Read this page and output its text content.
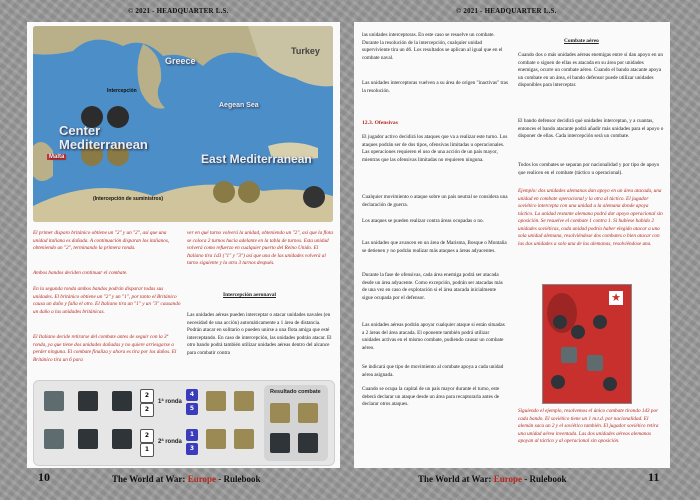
© 2021 - HEADQUARTER L.S.	© 2021 - HEADQUARTER L.S.
Greece
Turkey
Aegean Sea
Center Mediterranean
East Mediterranean
Malta
Intercepción
(Intercepción de suministros)

El primer disparo británico obtiene un "2" y un "2", así que una unidad italiana es dañada. A continuación disparan los italianos, obteniendo un "2", terminando la primera ronda.

Ambos bandos deciden continuar el combate.

En la segunda ronda ambos bandos podrán disparar todas sus unidades. El británico obtiene un "2" y un "1", por tanto el Británico causa un daño y falla el otro. El Italiano tira un "1" y un "3" causando un daño a las unidades británicas.

El Italiano decide retirarse del combate antes de seguir con la 3ª ronda, ya que tiene dos unidades dañadas y no quiere arriesgarse a perder ninguna. El combate finaliza y ahora es tira por los daños. El Británico tira un 6 para

ver en qué turno volverá la unidad, obteniendo un "2", así que la flota se coloca 2 turnos hacia adelante en la tabla de turnos. Esta unidad volverá como refuerzo en cualquier puerto del Reino Unido. El Italiano tira 1d3 ("1" y "3") así que una de las unidades volverá al turno siguiente y la otra 3 turnos después.

Intercepción aeronaval

Las unidades aéreas pueden interceptar o atacar unidades navales (en necesidad de una acción) automáticamente a 1 área de distancia. Podrán atacar en solitario o pueden unirse a una flota amiga que esté interceptando. En caso de intercepción, las unidades podrán atacar. El otro bando podrá también utilizar unidades aéreas dentro del alcance para combatir contra

2
2
4
5
1ª ronda
2
1
1
3
2ª ronda
Resultado combate

las unidades interceptoras. En este caso se resuelve un combate. Durante la resolución de la intercepción, cualquier unidad superviviente tira un d6. Los resultados se aplican al igual que en el combate naval.

Las unidades interceptoras vuelven a su área de origen "inactivas" tras la resolución.

12.3. Ofensivas

El jugador activo decidirá los ataques que va a realizar este turno. Los ataques podrán ser de dos tipos, ofensivas limitadas u operacionales. Las operaciones requieren el uso de una acción de un país mayor, mientras que las ofensivas limitadas no requieren ninguna.

Cualquier movimiento o ataque sobre un país neutral se considera una declaración de guerra.

Los ataques se pueden realizar contra áreas ocupadas o no.

Las unidades que avancen en un área de Marisma, Bosque o Montaña se detienen y no podrán realizar más ataques a áreas adyacentes.

Durante la fase de ofensivas, cada área enemiga podrá ser atacada desde un área adyacente. Como excepción, podrán ser atacadas más de una vez en caso de explotación si el área atacada inicialmente sigue ocupada por el defensor.

Las unidades aéreas podrán apoyar cualquier ataque si están situadas a 2 áreas del área atacada. El oponente también podrá utilizar unidades activas en el mismo combate, pudiendo causar un combate aéreo.

Se indicará que tipo de movimiento al combate apoya a cada unidad aérea asignada.

Cuando se ocupa la capital de un país mayor durante el turno, este deberá declarar un ataque desde un área para recapturarla antes de declarar otros ataques.

Combate aéreo

Cuando dos o más unidades aéreas enemigas entre sí dan apoyo en un combate o siguen de ellas es atacada en su área por unidades enemigas, ocurre un combate aéreo. Cuando el bando atacante apoya un combate en un área, el bando defensor puede utilizar unidades disponibles para interceptar.

El bando defensor decidirá qué unidades interceptan, y a cuantas, entonces el bando atacante podrá añadir más unidades para el apoyo o disponer de ellas. Cada intercepción será un combate.

Todos los combates se separan por nacionalidad y por tipo de apoyo que realicen en el combate (táctico u operacional).

Ejemplo: dos unidades alemanas dan apoyo en un área atacada, una unidad en combate operacional y la otra al táctico. El jugador soviético intercepta con una unidad a la alemana donde apoya táctico. La unidad restante alemana podrá dar apoyo operacional sin oposición. Se resuelve el combate 1 contra 1. Si hubiese habido 2 unidades soviéticas, cada unidad podría haber elegido atacar a una sola unidad alemana, resolviéndose dos combates o bien atacar con las dos unidades a solo una de las alemanas, resolviéndose una.

★

Siguiendo el ejemplo, resolvemos el único combate tirando 1d3 por cada bando. El soviético tiene un 1 m.t.d. por nacionalidad. El alemán saca un 2 y el soviético también. El jugador soviético retira una unidad aérea inventada. Las dos unidades aéreas alemanas apoyan al táctico y al operacional sin oposición.

10	The World at War: Europe - Rulebook	The World at War: Europe - Rulebook	11
